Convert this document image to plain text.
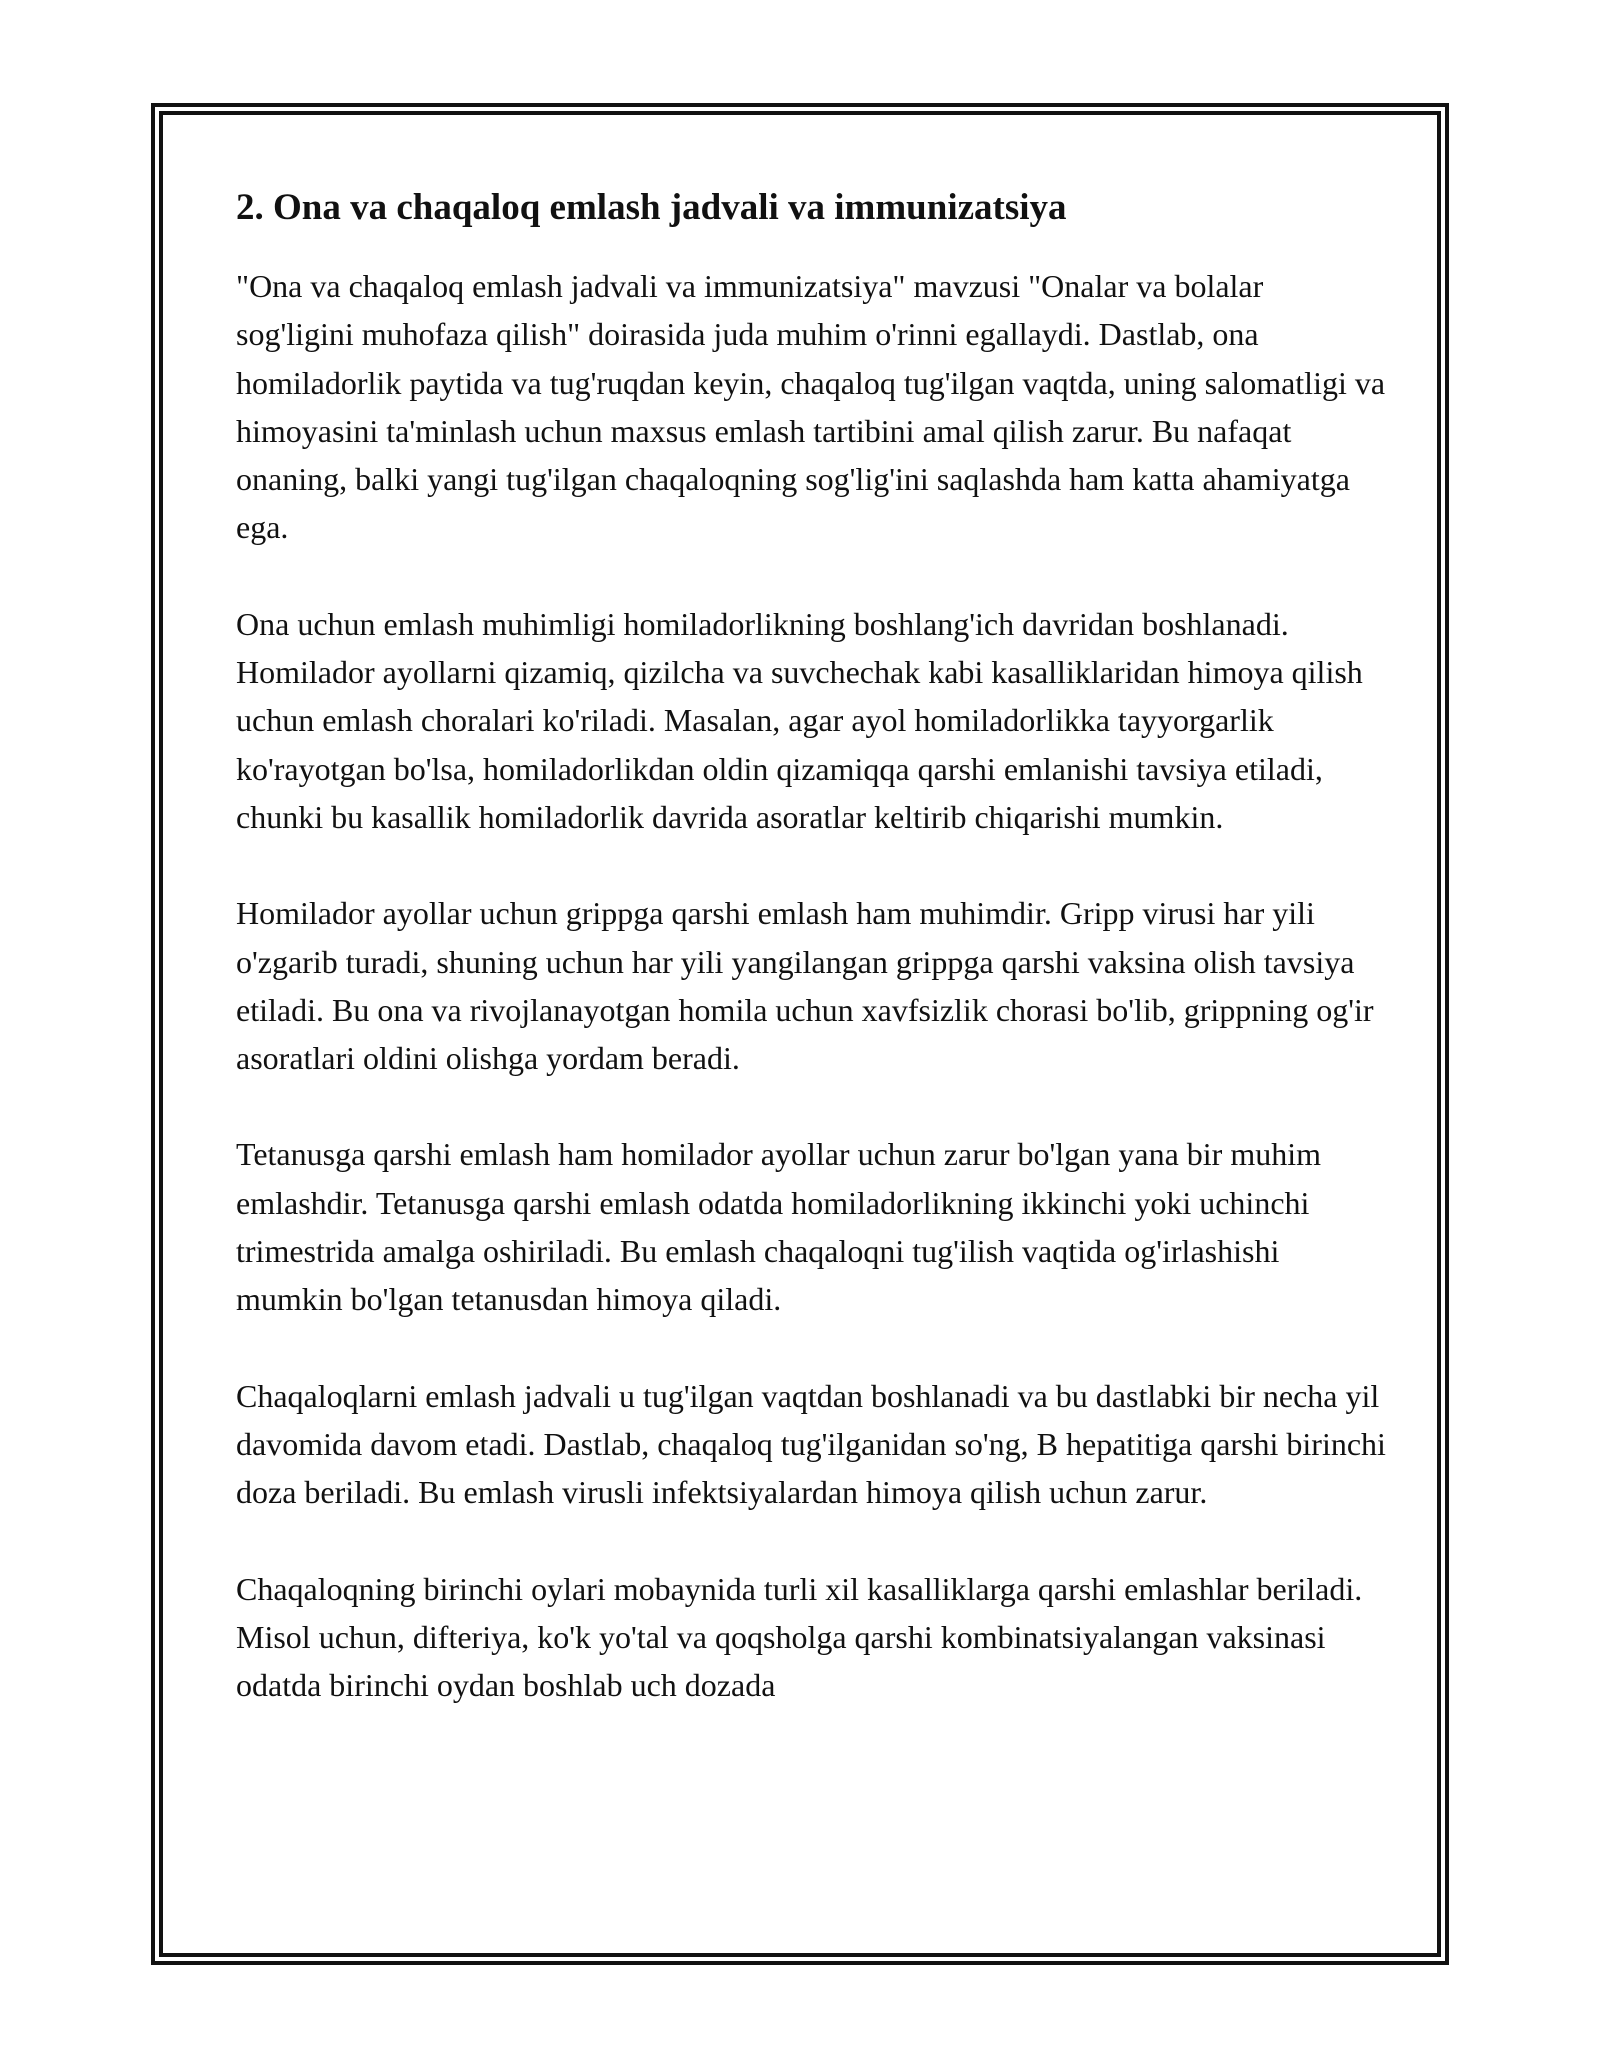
2. Ona va chaqaloq emlash jadvali va immunizatsiya

"Ona va chaqaloq emlash jadvali va immunizatsiya" mavzusi "Onalar va bolalar sog'ligini muhofaza qilish" doirasida juda muhim o'rinni egallaydi. Dastlab, ona homiladorlik paytida va tug'ruqdan keyin, chaqaloq tug'ilgan vaqtda, uning salomatligi va himoyasini ta'minlash uchun maxsus emlash tartibini amal qilish zarur. Bu nafaqat onaning, balki yangi tug'ilgan chaqaloqning sog'lig'ini saqlashda ham katta ahamiyatga ega.

Ona uchun emlash muhimligi homiladorlikning boshlang'ich davridan boshlanadi. Homilador ayollarni qizamiq, qizilcha va suvchechak kabi kasalliklaridan himoya qilish uchun emlash choralari ko'riladi. Masalan, agar ayol homiladorlikka tayyorgarlik ko'rayotgan bo'lsa, homiladorlikdan oldin qizamiqqa qarshi emlanishi tavsiya etiladi, chunki bu kasallik homiladorlik davrida asoratlar keltirib chiqarishi mumkin.

Homilador ayollar uchun grippga qarshi emlash ham muhimdir. Gripp virusi har yili o'zgarib turadi, shuning uchun har yili yangilangan grippga qarshi vaksina olish tavsiya etiladi. Bu ona va rivojlanayotgan homila uchun xavfsizlik chorasi bo'lib, grippning og'ir asoratlari oldini olishga yordam beradi.

Tetanusga qarshi emlash ham homilador ayollar uchun zarur bo'lgan yana bir muhim emlashdir. Tetanusga qarshi emlash odatda homiladorlikning ikkinchi yoki uchinchi trimestrida amalga oshiriladi. Bu emlash chaqaloqni tug'ilish vaqtida og'irlashishi mumkin bo'lgan tetanusdan himoya qiladi.

Chaqaloqlarni emlash jadvali u tug'ilgan vaqtdan boshlanadi va bu dastlabki bir necha yil davomida davom etadi. Dastlab, chaqaloq tug'ilganidan so'ng, B hepatitiga qarshi birinchi doza beriladi. Bu emlash virusli infektsiyalardan himoya qilish uchun zarur.

Chaqaloqning birinchi oylari mobaynida turli xil kasalliklarga qarshi emlashlar beriladi. Misol uchun, difteriya, ko'k yo'tal va qoqsholga qarshi kombinatsiyalangan vaksinasi odatda birinchi oydan boshlab uch dozada
